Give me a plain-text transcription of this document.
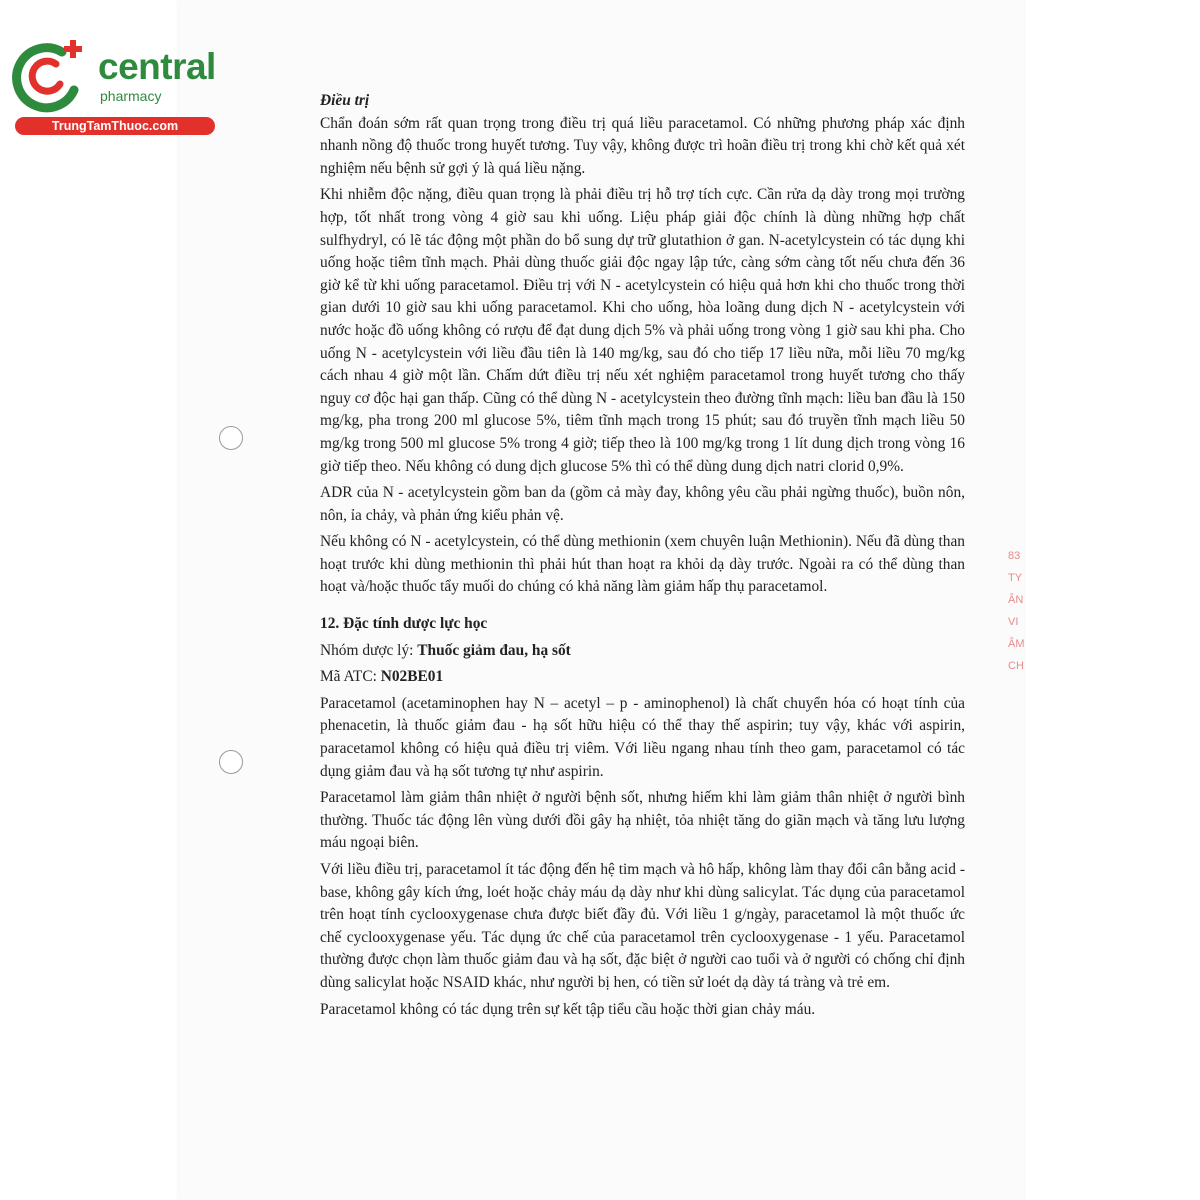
central
pharmacy
TrungTamThuoc.com
83
TY
ÂN
VI
ÂM
CH

Điều trị

Chẩn đoán sớm rất quan trọng trong điều trị quá liều paracetamol. Có những phương pháp xác định nhanh nồng độ thuốc trong huyết tương. Tuy vậy, không được trì hoãn điều trị trong khi chờ kết quả xét nghiệm nếu bệnh sử gợi ý là quá liều nặng.

Khi nhiễm độc nặng, điều quan trọng là phải điều trị hỗ trợ tích cực. Cần rửa dạ dày trong mọi trường hợp, tốt nhất trong vòng 4 giờ sau khi uống. Liệu pháp giải độc chính là dùng những hợp chất sulfhydryl, có lẽ tác động một phần do bổ sung dự trữ glutathion ở gan. N-acetylcystein có tác dụng khi uống hoặc tiêm tĩnh mạch. Phải dùng thuốc giải độc ngay lập tức, càng sớm càng tốt nếu chưa đến 36 giờ kể từ khi uống paracetamol. Điều trị với N - acetylcystein có hiệu quả hơn khi cho thuốc trong thời gian dưới 10 giờ sau khi uống paracetamol. Khi cho uống, hòa loãng dung dịch N - acetylcystein với nước hoặc đồ uống không có rượu để đạt dung dịch 5% và phải uống trong vòng 1 giờ sau khi pha. Cho uống N - acetylcystein với liều đầu tiên là 140 mg/kg, sau đó cho tiếp 17 liều nữa, mỗi liều 70 mg/kg cách nhau 4 giờ một lần. Chấm dứt điều trị nếu xét nghiệm paracetamol trong huyết tương cho thấy nguy cơ độc hại gan thấp. Cũng có thể dùng N - acetylcystein theo đường tĩnh mạch: liều ban đầu là 150 mg/kg, pha trong 200 ml glucose 5%, tiêm tĩnh mạch trong 15 phút; sau đó truyền tĩnh mạch liều 50 mg/kg trong 500 ml glucose 5% trong 4 giờ; tiếp theo là 100 mg/kg trong 1 lít dung dịch trong vòng 16 giờ tiếp theo. Nếu không có dung dịch glucose 5% thì có thể dùng dung dịch natri clorid 0,9%.

ADR của N - acetylcystein gồm ban da (gồm cả mày đay, không yêu cầu phải ngừng thuốc), buồn nôn, nôn, ỉa chảy, và phản ứng kiểu phản vệ.

Nếu không có N - acetylcystein, có thể dùng methionin (xem chuyên luận Methionin). Nếu đã dùng than hoạt trước khi dùng methionin thì phải hút than hoạt ra khỏi dạ dày trước. Ngoài ra có thể dùng than hoạt và/hoặc thuốc tẩy muối do chúng có khả năng làm giảm hấp thụ paracetamol.

12. Đặc tính dược lực học

Nhóm dược lý: Thuốc giảm đau, hạ sốt

Mã ATC: N02BE01

Paracetamol (acetaminophen hay N – acetyl – p - aminophenol) là chất chuyển hóa có hoạt tính của phenacetin, là thuốc giảm đau - hạ sốt hữu hiệu có thể thay thế aspirin; tuy vậy, khác với aspirin, paracetamol không có hiệu quả điều trị viêm. Với liều ngang nhau tính theo gam, paracetamol có tác dụng giảm đau và hạ sốt tương tự như aspirin.

Paracetamol làm giảm thân nhiệt ở người bệnh sốt, nhưng hiếm khi làm giảm thân nhiệt ở người bình thường. Thuốc tác động lên vùng dưới đồi gây hạ nhiệt, tỏa nhiệt tăng do giãn mạch và tăng lưu lượng máu ngoại biên.

Với liều điều trị, paracetamol ít tác động đến hệ tim mạch và hô hấp, không làm thay đổi cân bằng acid - base, không gây kích ứng, loét hoặc chảy máu dạ dày như khi dùng salicylat. Tác dụng của paracetamol trên hoạt tính cyclooxygenase chưa được biết đầy đủ. Với liều 1 g/ngày, paracetamol là một thuốc ức chế cyclooxygenase yếu. Tác dụng ức chế của paracetamol trên cyclooxygenase - 1 yếu. Paracetamol thường được chọn làm thuốc giảm đau và hạ sốt, đặc biệt ở người cao tuổi và ở người có chống chỉ định dùng salicylat hoặc NSAID khác, như người bị hen, có tiền sử loét dạ dày tá tràng và trẻ em.

Paracetamol không có tác dụng trên sự kết tập tiểu cầu hoặc thời gian chảy máu.
